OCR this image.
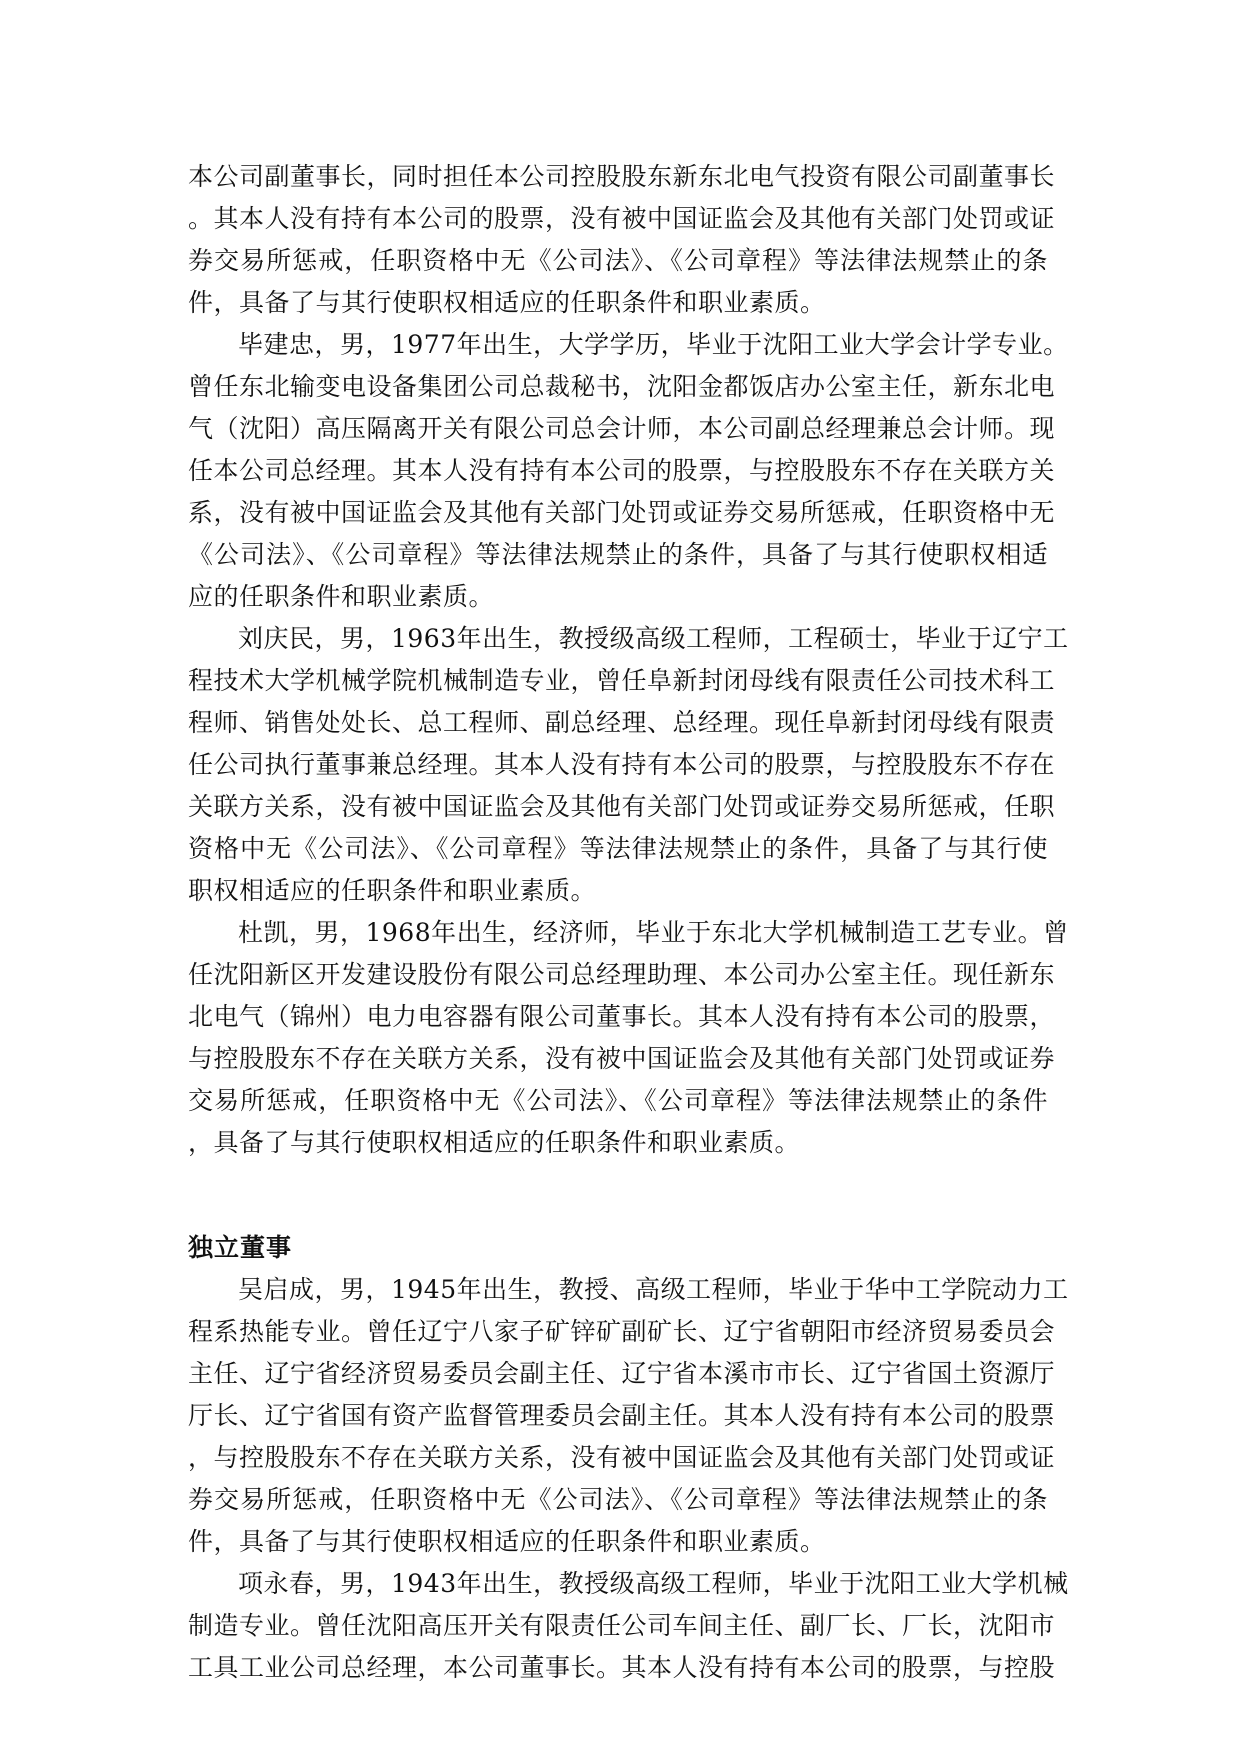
本公司副董事长，同时担任本公司控股股东新东北电气投资有限公司副董事长
。其本人没有持有本公司的股票，没有被中国证监会及其他有关部门处罚或证
券交易所惩戒，任职资格中无《公司法》、《公司章程》等法律法规禁止的条
件，具备了与其行使职权相适应的任职条件和职业素质。
毕建忠，男，1977年出生，大学学历，毕业于沈阳工业大学会计学专业。
曾任东北输变电设备集团公司总裁秘书，沈阳金都饭店办公室主任，新东北电
气（沈阳）高压隔离开关有限公司总会计师，本公司副总经理兼总会计师。现
任本公司总经理。其本人没有持有本公司的股票，与控股股东不存在关联方关
系，没有被中国证监会及其他有关部门处罚或证券交易所惩戒，任职资格中无
《公司法》、《公司章程》等法律法规禁止的条件，具备了与其行使职权相适
应的任职条件和职业素质。
刘庆民，男，1963年出生，教授级高级工程师，工程硕士，毕业于辽宁工
程技术大学机械学院机械制造专业，曾任阜新封闭母线有限责任公司技术科工
程师、销售处处长、总工程师、副总经理、总经理。现任阜新封闭母线有限责
任公司执行董事兼总经理。其本人没有持有本公司的股票，与控股股东不存在
关联方关系，没有被中国证监会及其他有关部门处罚或证券交易所惩戒，任职
资格中无《公司法》、《公司章程》等法律法规禁止的条件，具备了与其行使
职权相适应的任职条件和职业素质。
杜凯，男，1968年出生，经济师，毕业于东北大学机械制造工艺专业。曾
任沈阳新区开发建设股份有限公司总经理助理、本公司办公室主任。现任新东
北电气（锦州）电力电容器有限公司董事长。其本人没有持有本公司的股票，
与控股股东不存在关联方关系，没有被中国证监会及其他有关部门处罚或证券
交易所惩戒，任职资格中无《公司法》、《公司章程》等法律法规禁止的条件
，具备了与其行使职权相适应的任职条件和职业素质。
独立董事
吴启成，男，1945年出生，教授、高级工程师，毕业于华中工学院动力工
程系热能专业。曾任辽宁八家子矿锌矿副矿长、辽宁省朝阳市经济贸易委员会
主任、辽宁省经济贸易委员会副主任、辽宁省本溪市市长、辽宁省国土资源厅
厅长、辽宁省国有资产监督管理委员会副主任。其本人没有持有本公司的股票
，与控股股东不存在关联方关系，没有被中国证监会及其他有关部门处罚或证
券交易所惩戒，任职资格中无《公司法》、《公司章程》等法律法规禁止的条
件，具备了与其行使职权相适应的任职条件和职业素质。
项永春，男，1943年出生，教授级高级工程师，毕业于沈阳工业大学机械
制造专业。曾任沈阳高压开关有限责任公司车间主任、副厂长、厂长，沈阳市
工具工业公司总经理，本公司董事长。其本人没有持有本公司的股票，与控股
